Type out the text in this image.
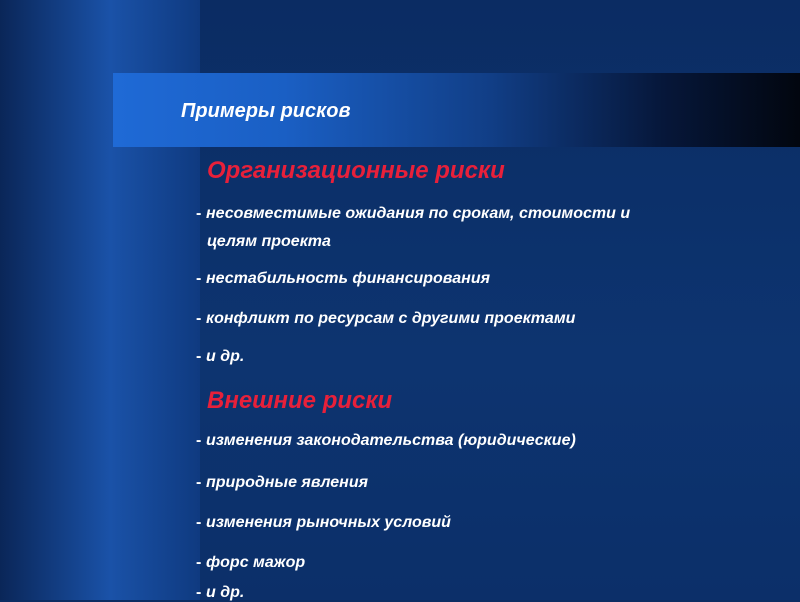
Примеры рисков
Организационные риски
- несовместимые ожидания по срокам, стоимости и
целям проекта
- нестабильность финансирования
- конфликт по ресурсам с другими проектами
- и др.
Внешние риски
- изменения законодательства (юридические)
- природные явления
- изменения рыночных условий
- форс мажор
- и др.
